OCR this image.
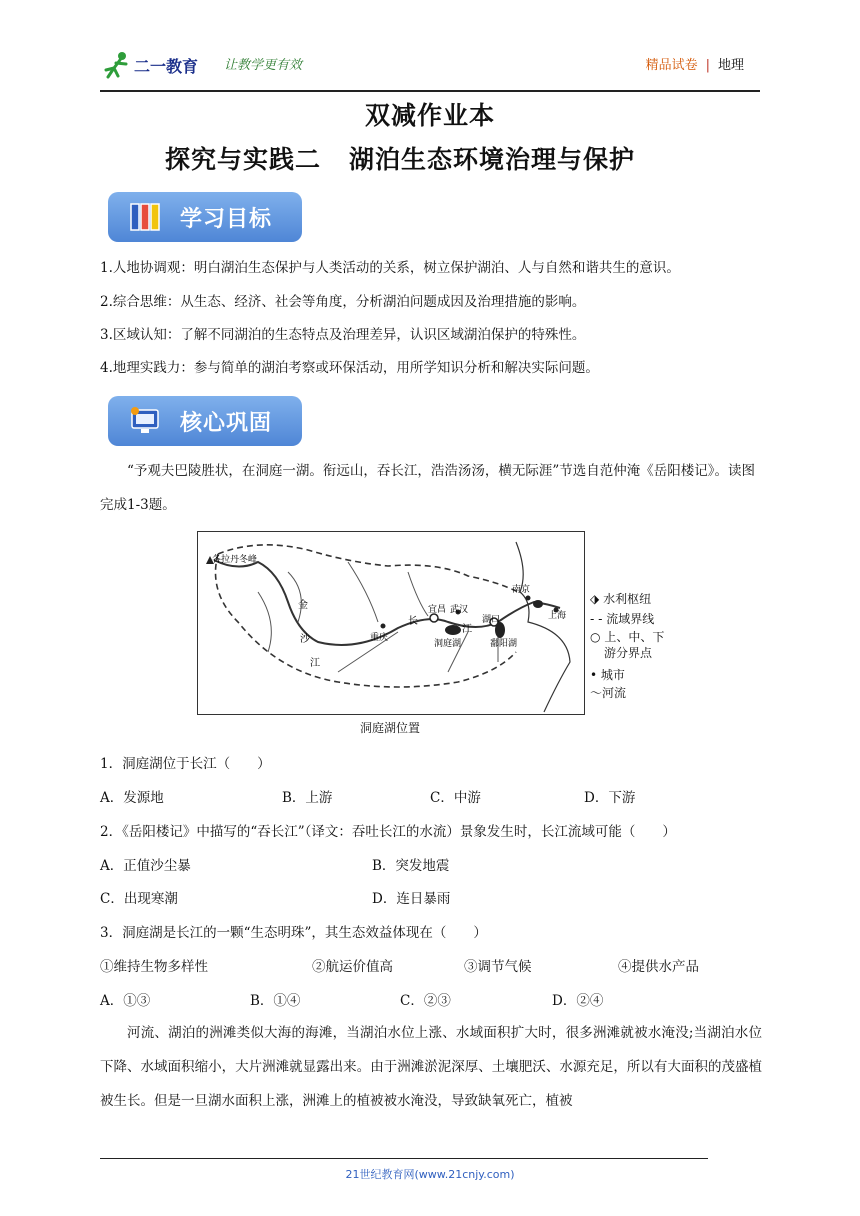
二一教育 让教学更有效	精品试卷 | 地理
双减作业本
探究与实践二 湖泊生态环境治理与保护
学习目标
1.人地协调观：明白湖泊生态保护与人类活动的关系，树立保护湖泊、人与自然和谐共生的意识。
2.综合思维：从生态、经济、社会等角度，分析湖泊问题成因及治理措施的影响。
3.区域认知：了解不同湖泊的生态特点及治理差异，认识区域湖泊保护的特殊性。
4.地理实践力：参与简单的湖泊考察或环保活动，用所学知识分析和解决实际问题。
核心巩固
“予观夫巴陵胜状，在洞庭一湖。衔远山，吞长江，浩浩汤汤，横无际涯”节选自范仲淹《岳阳楼记》。读图完成1-3题。
各拉丹冬峰
金
沙
江
重庆
长
宜昌 武汉
江
湖口
洞庭湖	鄱阳湖
南京
上海
⬗ 水利枢纽
- - 流域界线
○ 上、中、下
游分界点
• 城市
〜河流
洞庭湖位置
1．洞庭湖位于长江（　　）
A．发源地	B．上游	C．中游	D．下游
2．《岳阳楼记》中描写的“吞长江”（译文：吞吐长江的水流）景象发生时，长江流域可能（　　）
A．正值沙尘暴	B．突发地震
C．出现寒潮	D．连日暴雨
3．洞庭湖是长江的一颗“生态明珠”，其生态效益体现在（　　）
①维持生物多样性	②航运价值高	③调节气候	④提供水产品
A．①③	B．①④	C．②③	D．②④
河流、湖泊的洲滩类似大海的海滩，当湖泊水位上涨、水域面积扩大时，很多洲滩就被水淹没;当湖泊水位下降、水域面积缩小，大片洲滩就显露出来。由于洲滩淤泥深厚、土壤肥沃、水源充足，所以有大面积的茂盛植被生长。但是一旦湖水面积上涨，洲滩上的植被被水淹没，导致缺氧死亡，植被
21世纪教育网(www.21cnjy.com)
